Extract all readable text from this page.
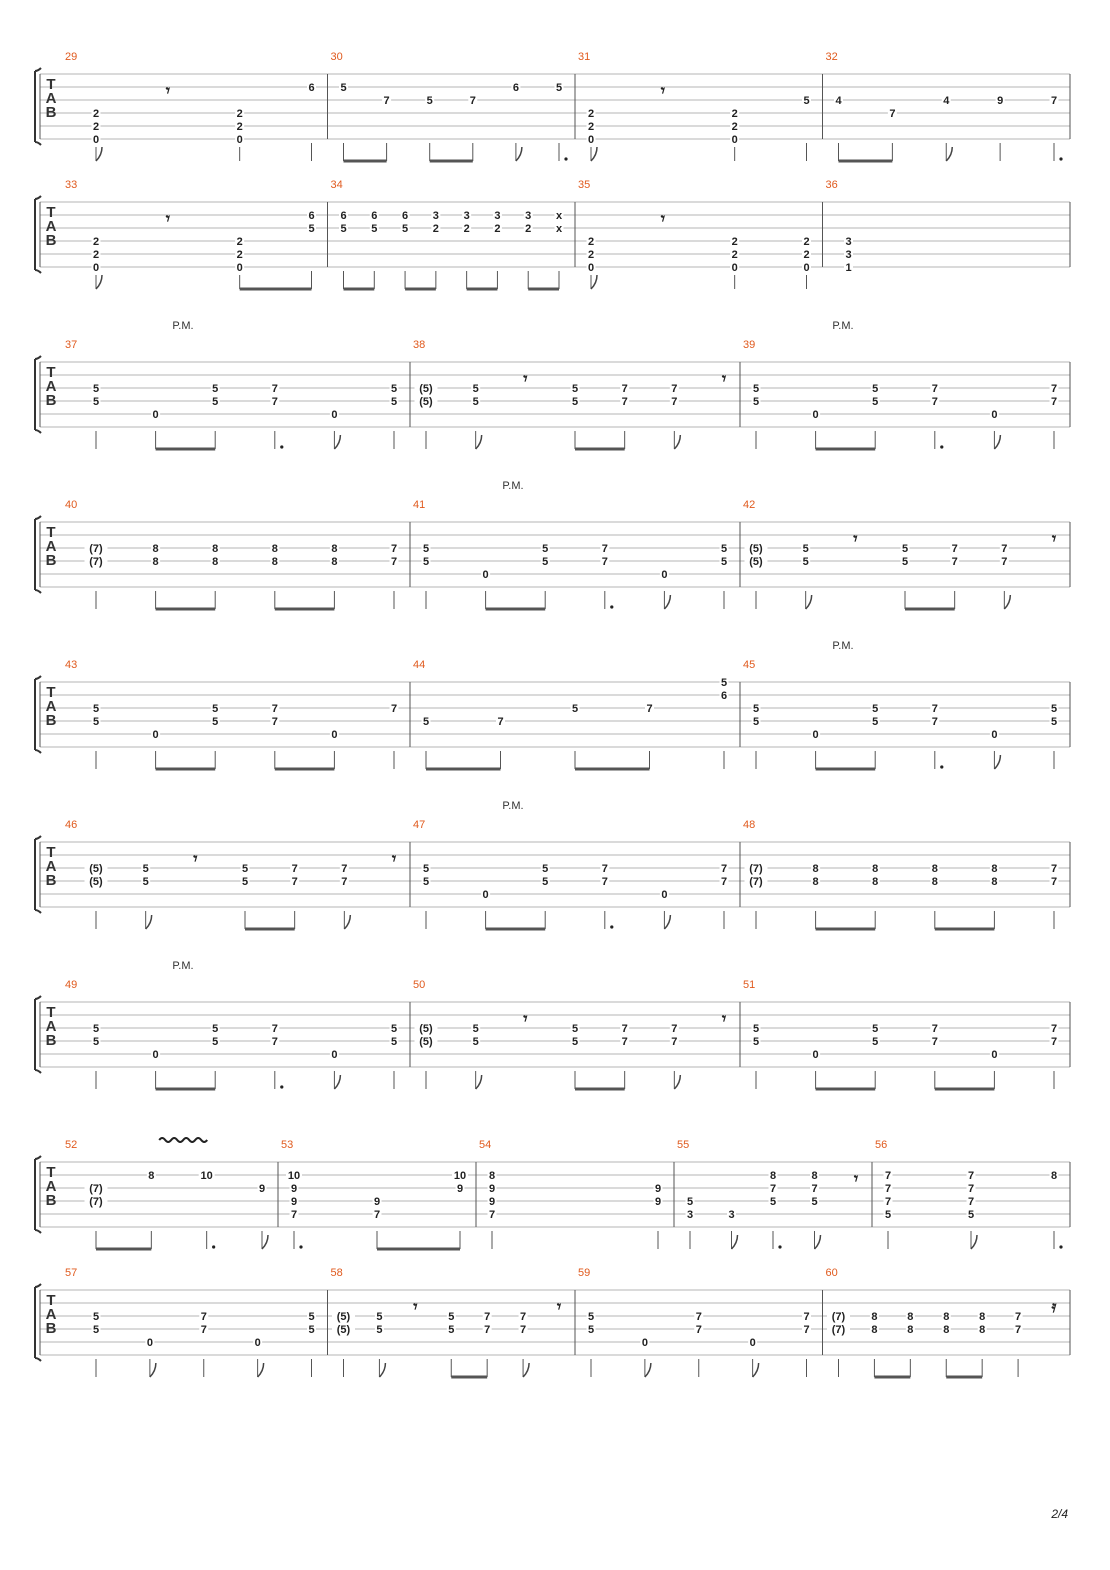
2/4
T
A
B
29
2
2
0
𝄾
2
2
0
6
30
5
7	5	7
6	5
31
2
2
0
𝄾
2
2
0
5
32
4
7
4	9	7
T
A
B
33
2
2
0
𝄾
2
2
0
6
5
34
6
5
6
5
6
5
3
2
3
2
3
2
3
2
x
x
35
2
2
0
𝄾
2
2
0
2
2
0
36
3
3
1
T
A
B
37
5
5
0
5
5
7
7
0
5
5
38
(5)
(5)
5
5
𝄾
5
5
7
7
7
7
𝄾
39
5
5
0
5
5
7
7
0
7
7
P.M.	P.M.
T
A
B
40
(7)
(7)
8
8
8
8
8
8
8
8
7
7
41
5
5
0
5
5
7
7
0
5
5
42
(5)
(5)
5
5
𝄾
5
5
7
7
7
7
𝄾
P.M.
T
A
B
43
5
5
0
5
5
7
7
0
7
44
5	7
5	7
5
6
45
5
5
0
5
5
7
7
0
5
5
P.M.
T
A
B
46
(5)
(5)
5
5
𝄾
5
5
7
7
7
7
𝄾
47
5
5
0
5
5
7
7
0
7
7
48
(7)
(7)
8
8
8
8
8
8
8
8
7
7
P.M.
T
A
B
49
5
5
0
5
5
7
7
0
5
5
50
(5)
(5)
5
5
𝄾
5
5
7
7
7
7
𝄾
51
5
5
0
5
5
7
7
0
7
7
P.M.
T
A
B
52
(7)
(7)
8	10
9
53
10
9
9
7
9
7
10
9
54
8
9
9
7
9
9
55
5
3	3
8
7
5
8
7
5
𝄾
56
7
7
7
5
7
7
7
5
8
T
A
B
57
5
5
0
7
7
0
5
5
58
(5)
(5)
5
5
𝄾
5
5
7
7
7
7
𝄾
59
5
5
0
7
7
0
7
7
60
(7)
(7)
8
8
8
8
8
8
8
8
7
7
𝄿
